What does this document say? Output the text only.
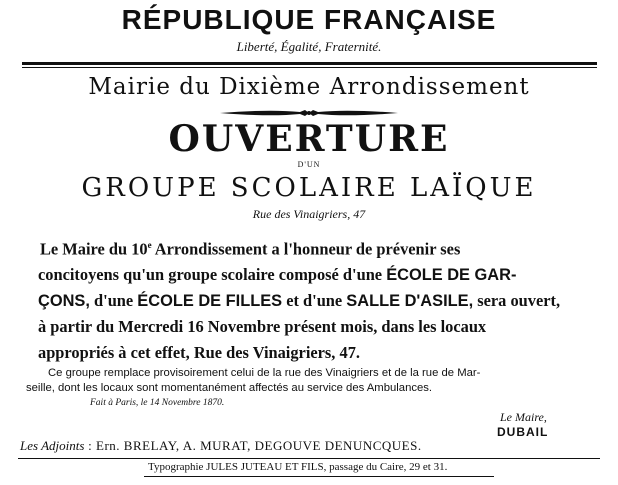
RÉPUBLIQUE FRANÇAISE
Liberté, Égalité, Fraternité.
Mairie du Dixième Arrondissement
OUVERTURE
D'UN
GROUPE SCOLAIRE LAÏQUE
Rue des Vinaigriers, 47
Le Maire du 10e Arrondissement a l'honneur de prévenir ses
concitoyens qu'un groupe scolaire composé d'une ÉCOLE DE GAR-
ÇONS, d'une ÉCOLE DE FILLES et d'une SALLE D'ASILE, sera ouvert,
à partir du Mercredi 16 Novembre présent mois, dans les locaux
appropriés à cet effet, Rue des Vinaigriers, 47.
Ce groupe remplace provisoirement celui de la rue des Vinaigriers et de la rue de Mar-
seille, dont les locaux sont momentanément affectés au service des Ambulances.
Fait à Paris, le 14 Novembre 1870.
Le Maire,
DUBAIL
Les Adjoints : Ern. BRELAY, A. MURAT, DEGOUVE DENUNCQUES.
Typographie JULES JUTEAU ET FILS, passage du Caire, 29 et 31.
